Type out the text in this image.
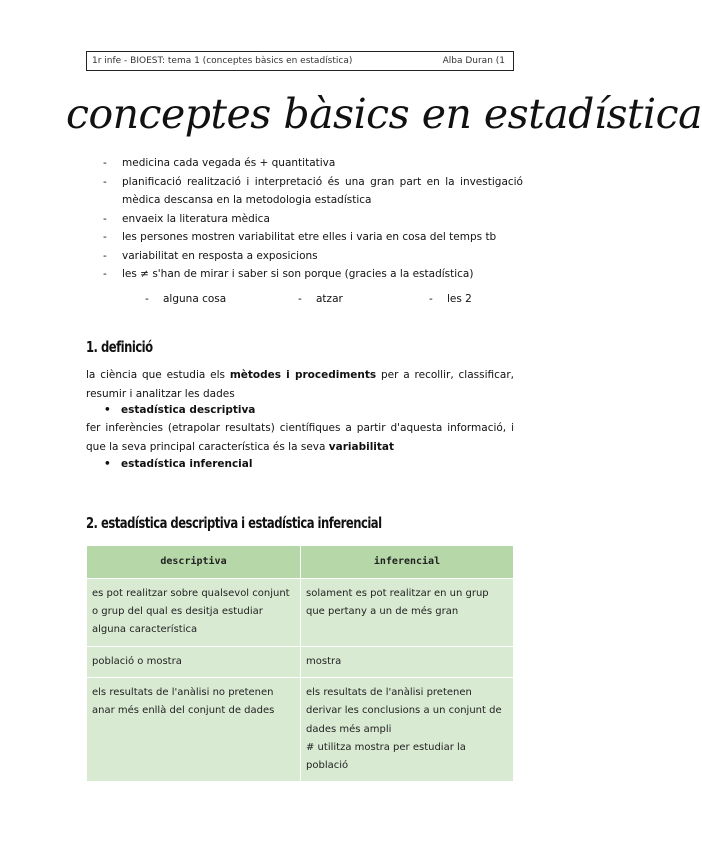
1r infe - BIOEST: tema 1 (conceptes bàsics en estadística)	Alba Duran (1
conceptes bàsics en estadística
- medicina cada vegada és + quantitativa
- planificació realització i interpretació és una gran part en la investigació mèdica descansa en la metodologia estadística
- envaeix la literatura mèdica
- les persones mostren variabilitat etre elles i varia en cosa del temps tb
- variabilitat en resposta a exposicions
- les ≠ s'han de mirar i saber si son porque (gracies a la estadística)
- alguna cosa	- atzar	- les 2
1. definició
la ciència que estudia els mètodes i procediments per a recollir, classificar, resumir i analitzar les dades
• estadística descriptiva
fer inferències (etrapolar resultats) científiques a partir d'aquesta informació, i que la seva principal característica és la seva variabilitat
• estadística inferencial
2. estadística descriptiva i estadística inferencial
descriptiva	inferencial
es pot realitzar sobre qualsevol conjunt o grup del qual es desitja estudiar alguna característica	solament es pot realitzar en un grup que pertany a un de més gran
població o mostra	mostra
els resultats de l'anàlisi no pretenen anar més enllà del conjunt de dades	els resultats de l'anàlisi pretenen derivar les conclusions a un conjunt de dades més ampli
# utilitza mostra per estudiar la població
